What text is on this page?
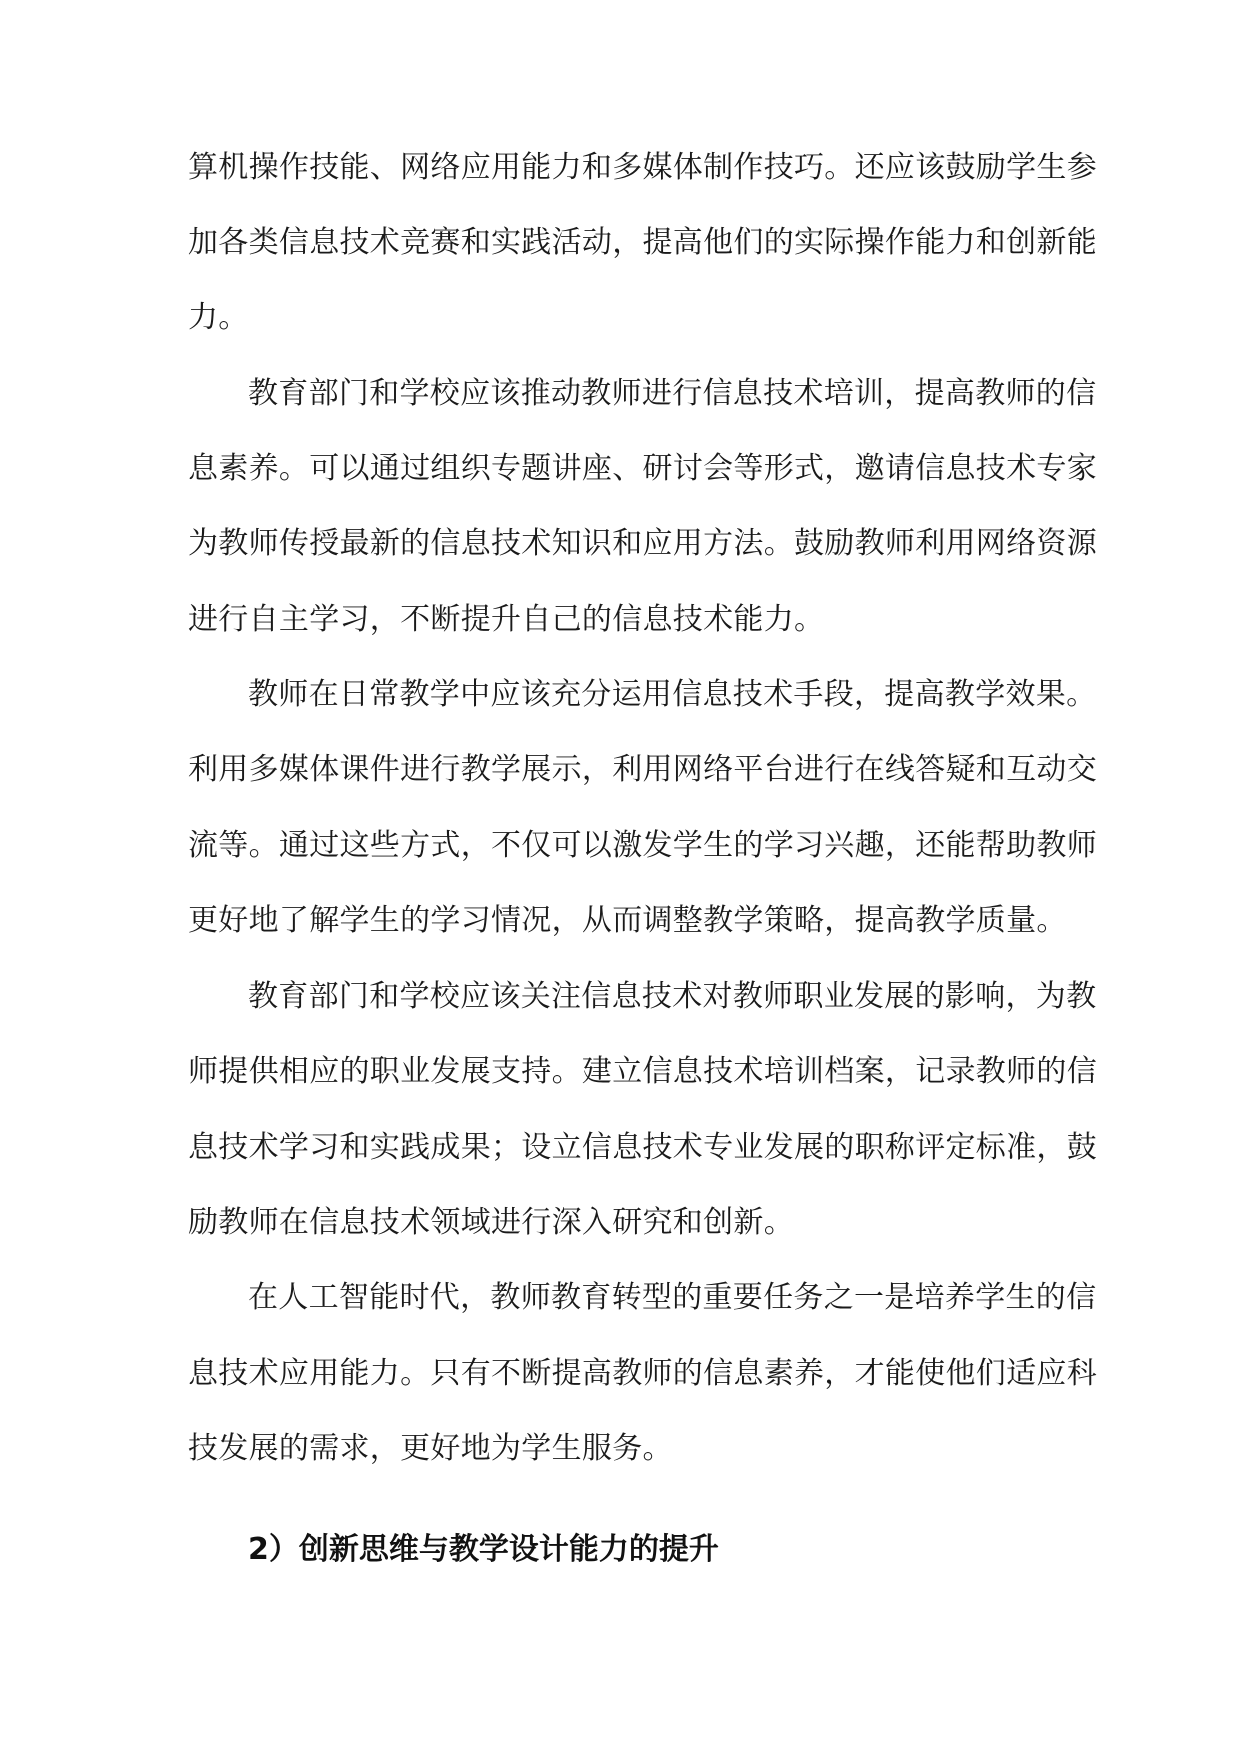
算机操作技能、网络应用能力和多媒体制作技巧。还应该鼓励学生参

加各类信息技术竞赛和实践活动，提高他们的实际操作能力和创新能

力。

教育部门和学校应该推动教师进行信息技术培训，提高教师的信

息素养。可以通过组织专题讲座、研讨会等形式，邀请信息技术专家

为教师传授最新的信息技术知识和应用方法。鼓励教师利用网络资源

进行自主学习，不断提升自己的信息技术能力。

教师在日常教学中应该充分运用信息技术手段，提高教学效果。

利用多媒体课件进行教学展示，利用网络平台进行在线答疑和互动交

流等。通过这些方式，不仅可以激发学生的学习兴趣，还能帮助教师

更好地了解学生的学习情况，从而调整教学策略，提高教学质量。

教育部门和学校应该关注信息技术对教师职业发展的影响，为教

师提供相应的职业发展支持。建立信息技术培训档案，记录教师的信

息技术学习和实践成果；设立信息技术专业发展的职称评定标准，鼓

励教师在信息技术领域进行深入研究和创新。

在人工智能时代，教师教育转型的重要任务之一是培养学生的信

息技术应用能力。只有不断提高教师的信息素养，才能使他们适应科

技发展的需求，更好地为学生服务。

2）创新思维与教学设计能力的提升
